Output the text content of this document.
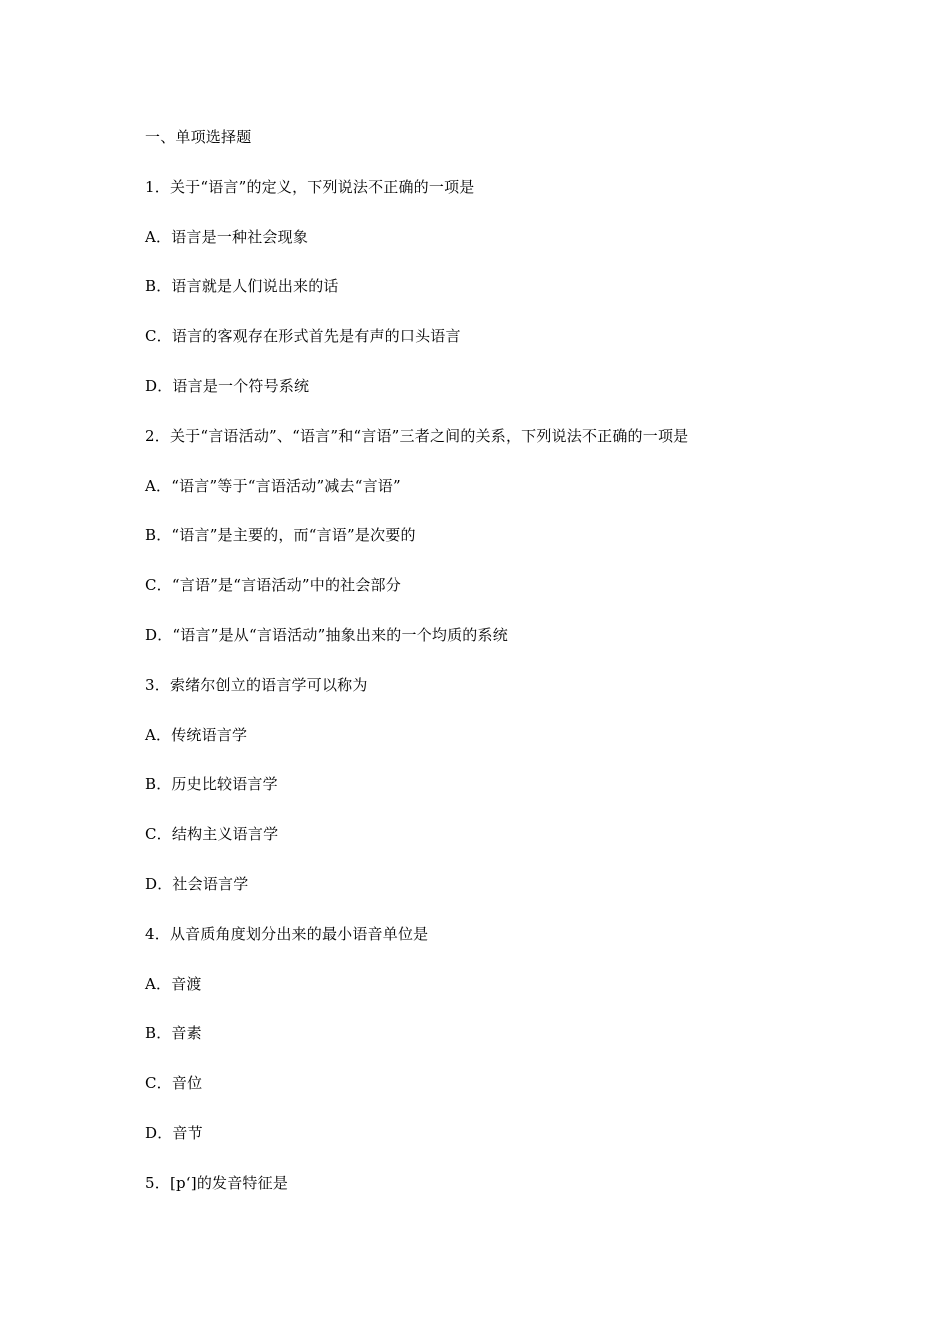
一、单项选择题
1．关于“语言”的定义，下列说法不正确的一项是
A．语言是一种社会现象
B．语言就是人们说出来的话
C．语言的客观存在形式首先是有声的口头语言
D．语言是一个符号系统
2．关于“言语活动”、“语言”和“言语”三者之间的关系，下列说法不正确的一项是
A．“语言”等于“言语活动”减去“言语”
B．“语言”是主要的，而“言语”是次要的
C．“言语”是“言语活动”中的社会部分
D．“语言”是从“言语活动”抽象出来的一个均质的系统
3．索绪尔创立的语言学可以称为
A．传统语言学
B．历史比较语言学
C．结构主义语言学
D．社会语言学
4．从音质角度划分出来的最小语音单位是
A．音渡
B．音素
C．音位
D．音节
5．[p‘]的发音特征是
